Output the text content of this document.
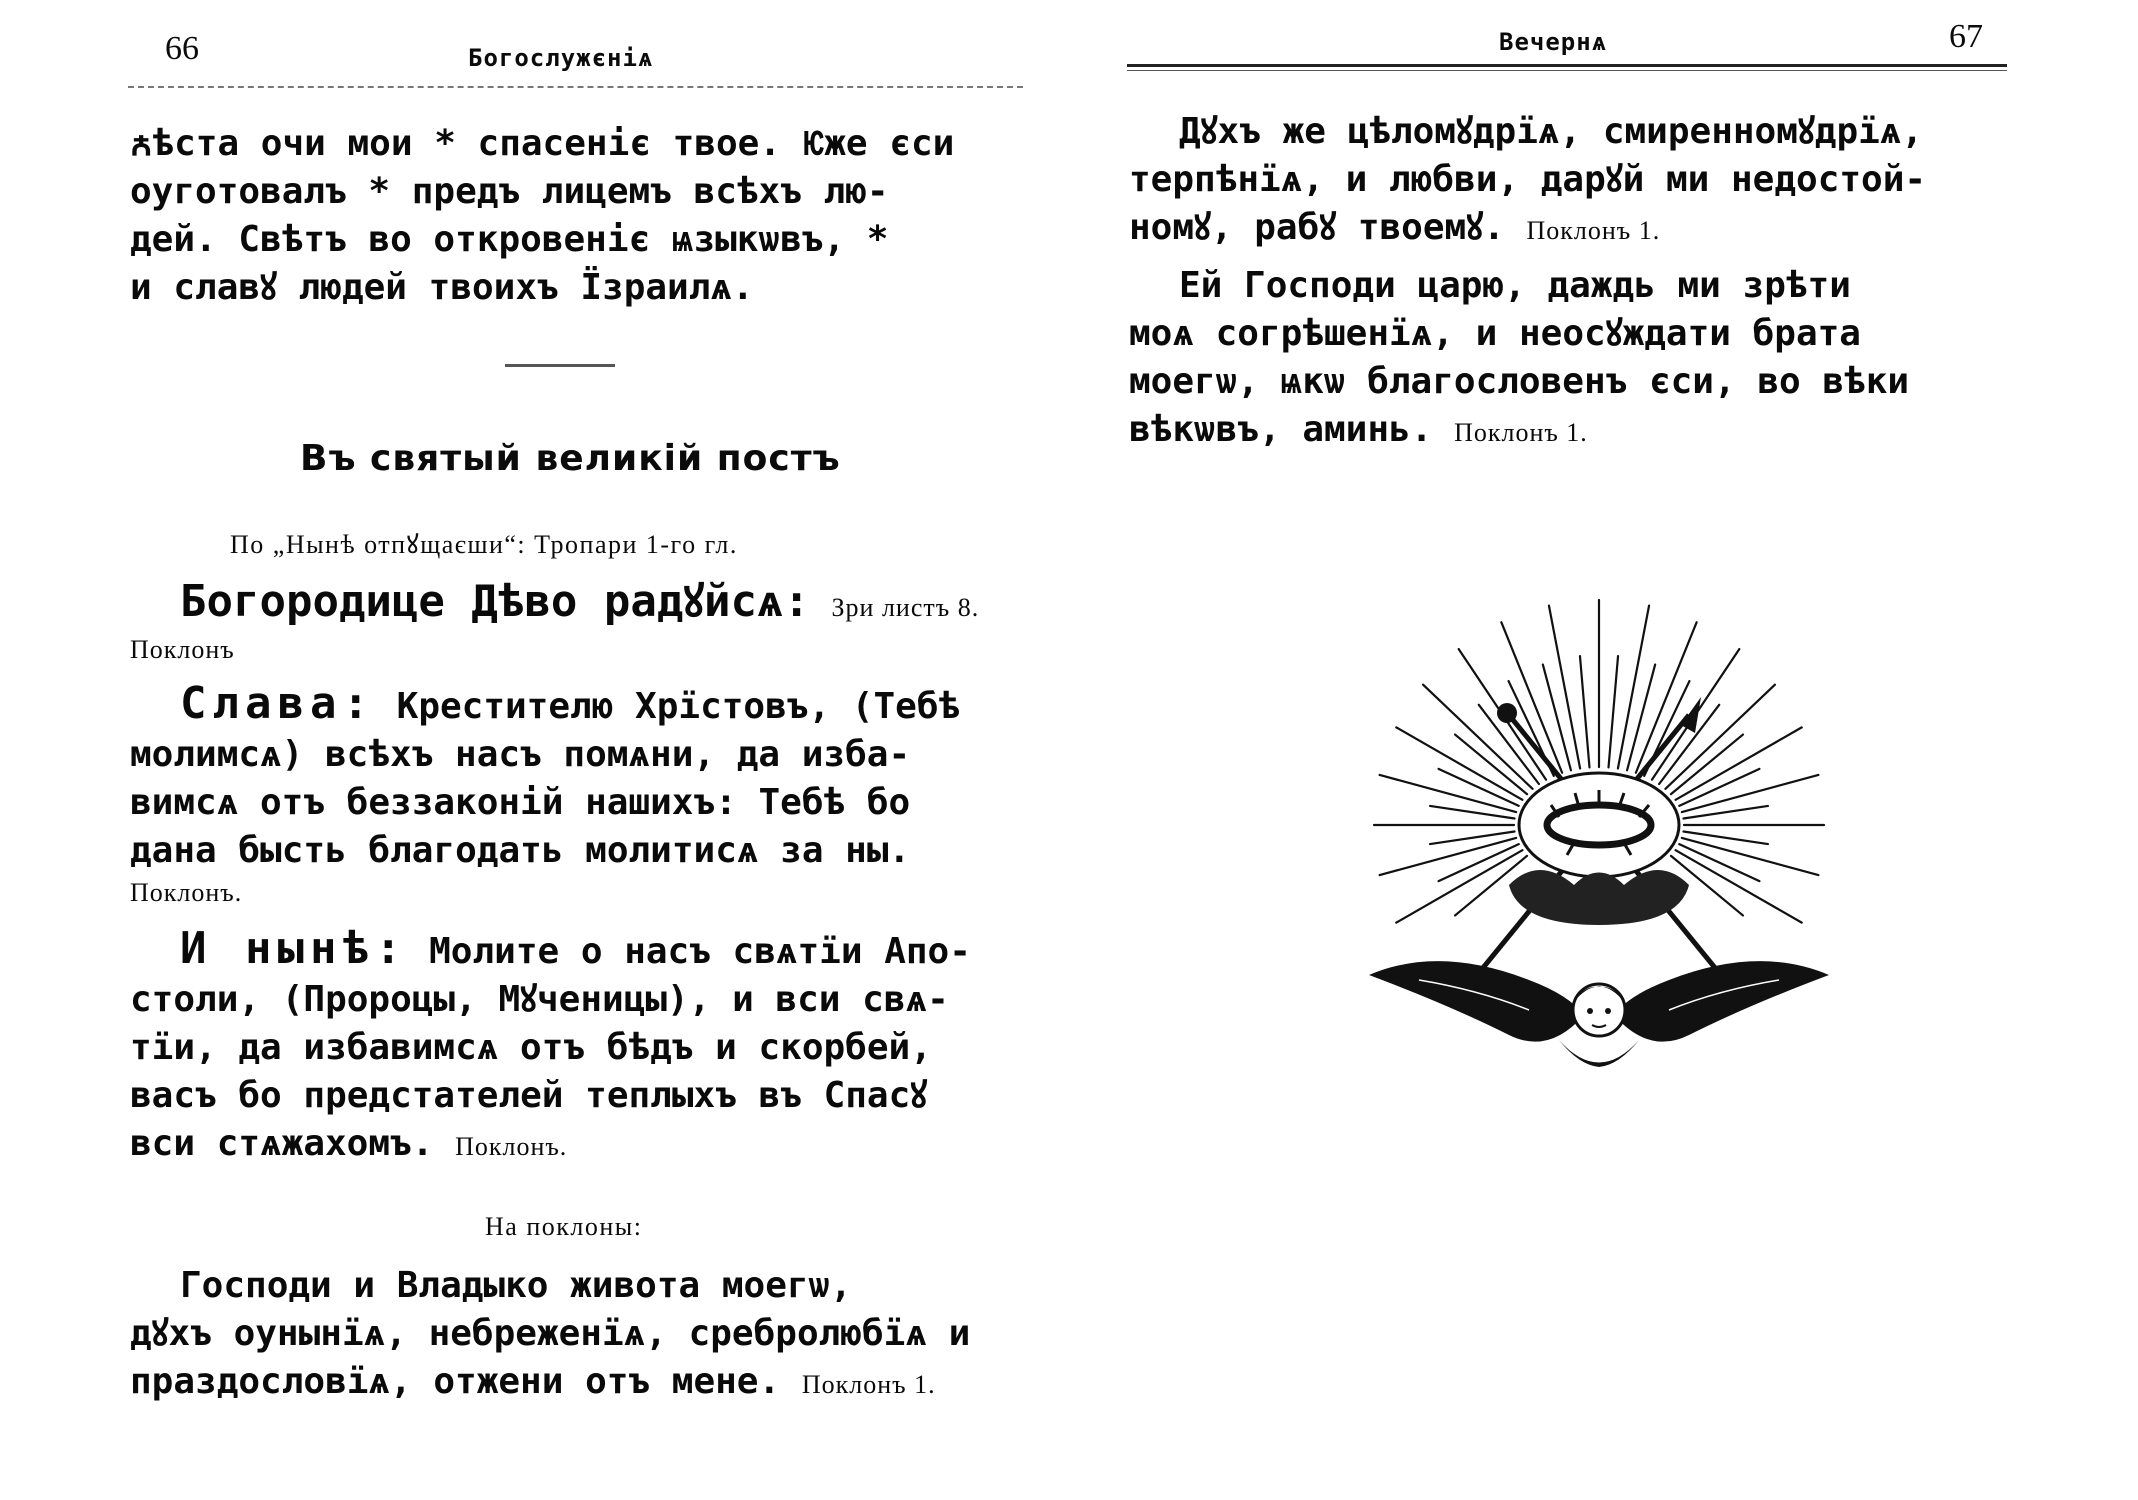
66	Богослужєніѧ
ꙉѣста очи мои * спасеніє твое. Ѥже єси
оуготовалъ * предъ лицемъ всѣхъ лю-
дей. Свѣтъ во откровеніє ѩзыкѡвъ, *
и славꙋ людей твоихъ Їзраилѧ.
Въ святый великій постъ
По „Нынѣ отпꙋщаєши“: Тропари 1-го гл.
Богородице Дѣво радꙋйсѧ: Зри листъ 8.
Поклонъ
Слава: Крестителю Хрїстовъ, (Тебѣ
молимсѧ) всѣхъ насъ помѧни, да изба-
вимсѧ отъ беззаконій нашихъ: Тебѣ бо
дана бысть благодать молитисѧ за ны.
Поклонъ.
И нынѣ: Молите о насъ свѧтїи Апо-
столи, (Пророцы, Мꙋченицы), и вси свѧ-
тїи, да избавимсѧ отъ бѣдъ и скорбей,
васъ бо предстателей теплыхъ въ Спасꙋ
вси стѧжахомъ. Поклонъ.
На поклоны:
Господи и Владыко живота моегѡ,
дꙋхъ оунынїѧ, небреженїѧ, сребролюбїѧ и
праздословїѧ, отжени отъ мене. Поклонъ 1.
Вечернѧ	67
Дꙋхъ же цѣломꙋдрїѧ, смиренномꙋдрїѧ,
терпѣнїѧ, и любви, дарꙋй ми недостой-
номꙋ, рабꙋ твоемꙋ. Поклонъ 1.
Ей Господи царю, даждь ми зрѣти
моѧ согрѣшенїѧ, и неосꙋждати брата
моегѡ, ѩкѡ благословенъ єси, во вѣки
вѣкѡвъ, аминь. Поклонъ 1.
